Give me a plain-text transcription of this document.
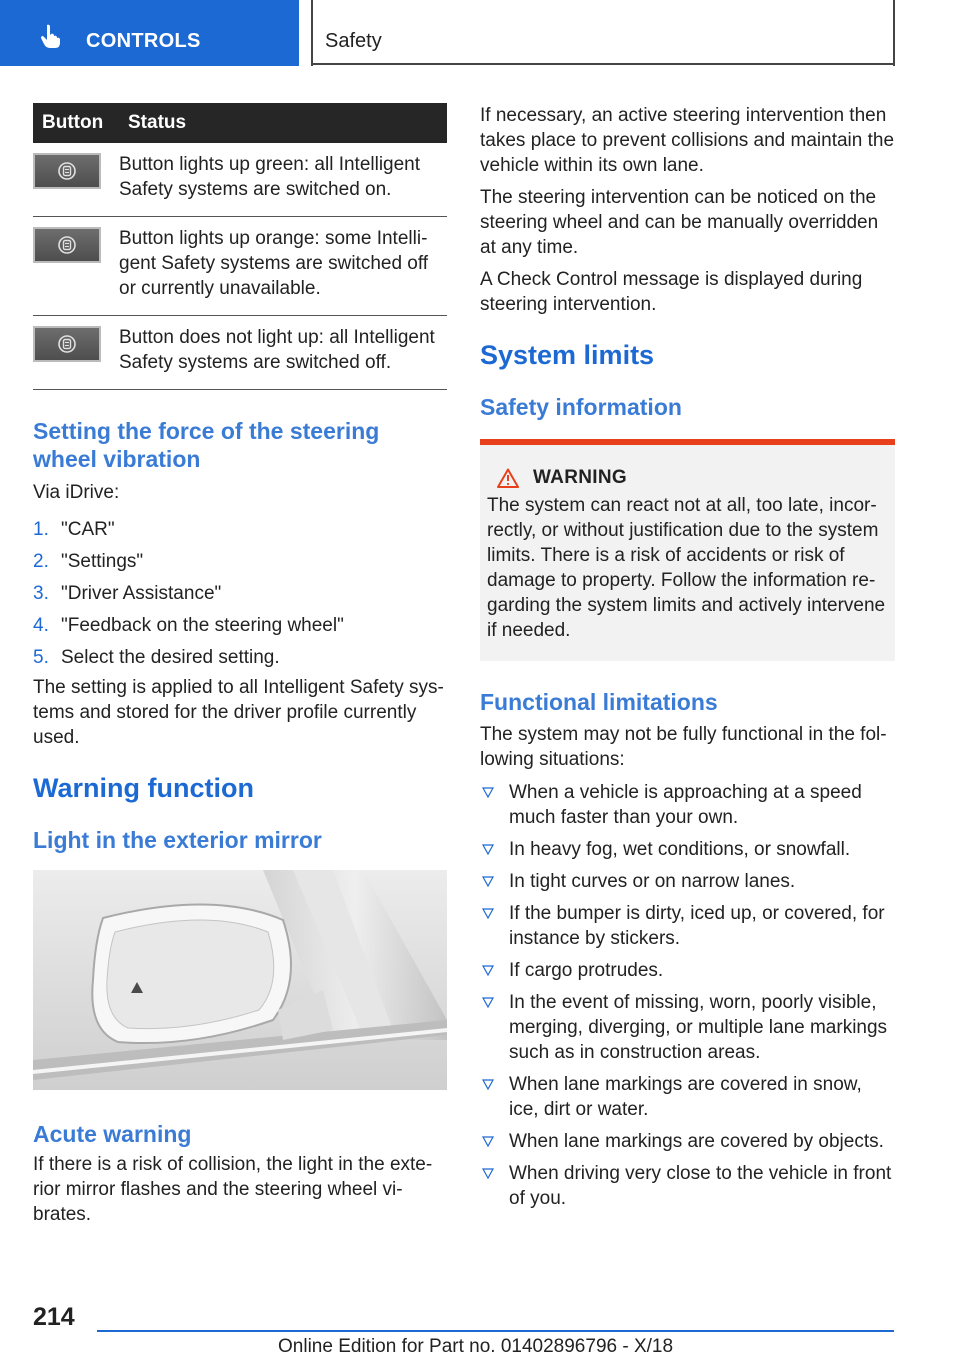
CONTROLS	Safety
Button	Status

	Button lights up green: all Intelligent Safety systems are switched on.

	Button lights up orange: some Intelligent Safety systems are switched off or currently unavailable.

	Button does not light up: all Intelligent Safety systems are switched off.
Setting the force of the steering wheel vibration

Via iDrive:

1. "CAR"
2. "Settings"
3. "Driver Assistance"
4. "Feedback on the steering wheel"
5. Select the desired setting.

The setting is applied to all Intelligent Safety systems and stored for the driver profile currently used.

Warning function
Light in the exterior mirror
Acute warning

If there is a risk of collision, the light in the exterior mirror flashes and the steering wheel vibrates.

If necessary, an active steering intervention then takes place to prevent collisions and maintain the vehicle within its own lane.

The steering intervention can be noticed on the steering wheel and can be manually overridden at any time.

A Check Control message is displayed during steering intervention.

System limits
Safety information
WARNING

The system can react not at all, too late, incorrectly, or without justification due to the system limits. There is a risk of accidents or risk of damage to property. Follow the information regarding the system limits and actively intervene if needed.

Functional limitations

The system may not be fully functional in the following situations:

When a vehicle is approaching at a speed much faster than your own.
In heavy fog, wet conditions, or snowfall.
In tight curves or on narrow lanes.
If the bumper is dirty, iced up, or covered, for instance by stickers.
If cargo protrudes.
In the event of missing, worn, poorly visible, merging, diverging, or multiple lane markings such as in construction areas.
When lane markings are covered in snow, ice, dirt or water.
When lane markings are covered by objects.
When driving very close to the vehicle in front of you.
214
Online Edition for Part no. 01402896796 - X/18
